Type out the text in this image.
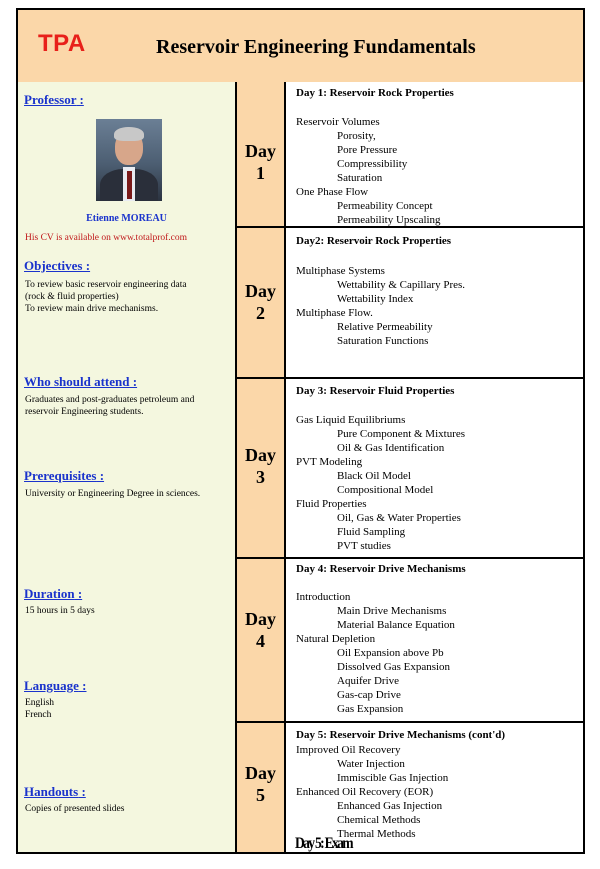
TPA	Reservoir Engineering Fundamentals
Professor :
Etienne MOREAU
His CV is available on www.totalprof.com
Objectives :
To review basic reservoir engineering data
(rock & fluid properties)
To review main drive mechanisms.
Who should attend :
Graduates and post-graduates petroleum and
reservoir Engineering students.
Prerequisites :
University or Engineering Degree in sciences.
Duration :
15 hours in 5 days
Language :
English
French
Handouts :
Copies of presented slides
Day
1
Day
2
Day
3
Day
4
Day
5
Day 1: Reservoir Rock Properties
Day2: Reservoir Rock Properties
Day 3: Reservoir Fluid Properties
Day 4: Reservoir Drive Mechanisms
Day 5: Reservoir Drive Mechanisms (cont'd)
Reservoir Volumes
Porosity,
Pore Pressure
Compressibility
Saturation
One Phase Flow
Permeability Concept
Permeability Upscaling
Multiphase Systems
Wettability & Capillary Pres.
Wettability Index
Multiphase Flow.
Relative Permeability
Saturation Functions
Gas Liquid Equilibriums
Pure Component & Mixtures
Oil & Gas Identification
PVT Modeling
Black Oil Model
Compositional Model
Fluid Properties
Oil, Gas & Water Properties
Fluid Sampling
PVT studies
Introduction
Main Drive Mechanisms
Material Balance Equation
Natural Depletion
Oil Expansion above Pb
Dissolved Gas Expansion
Aquifer Drive
Gas-cap Drive
Gas Expansion
Improved Oil Recovery
Water Injection
Immiscible Gas Injection
Enhanced Oil Recovery (EOR)
Enhanced Gas Injection
Chemical Methods
Thermal Methods
Day 5: Exam
